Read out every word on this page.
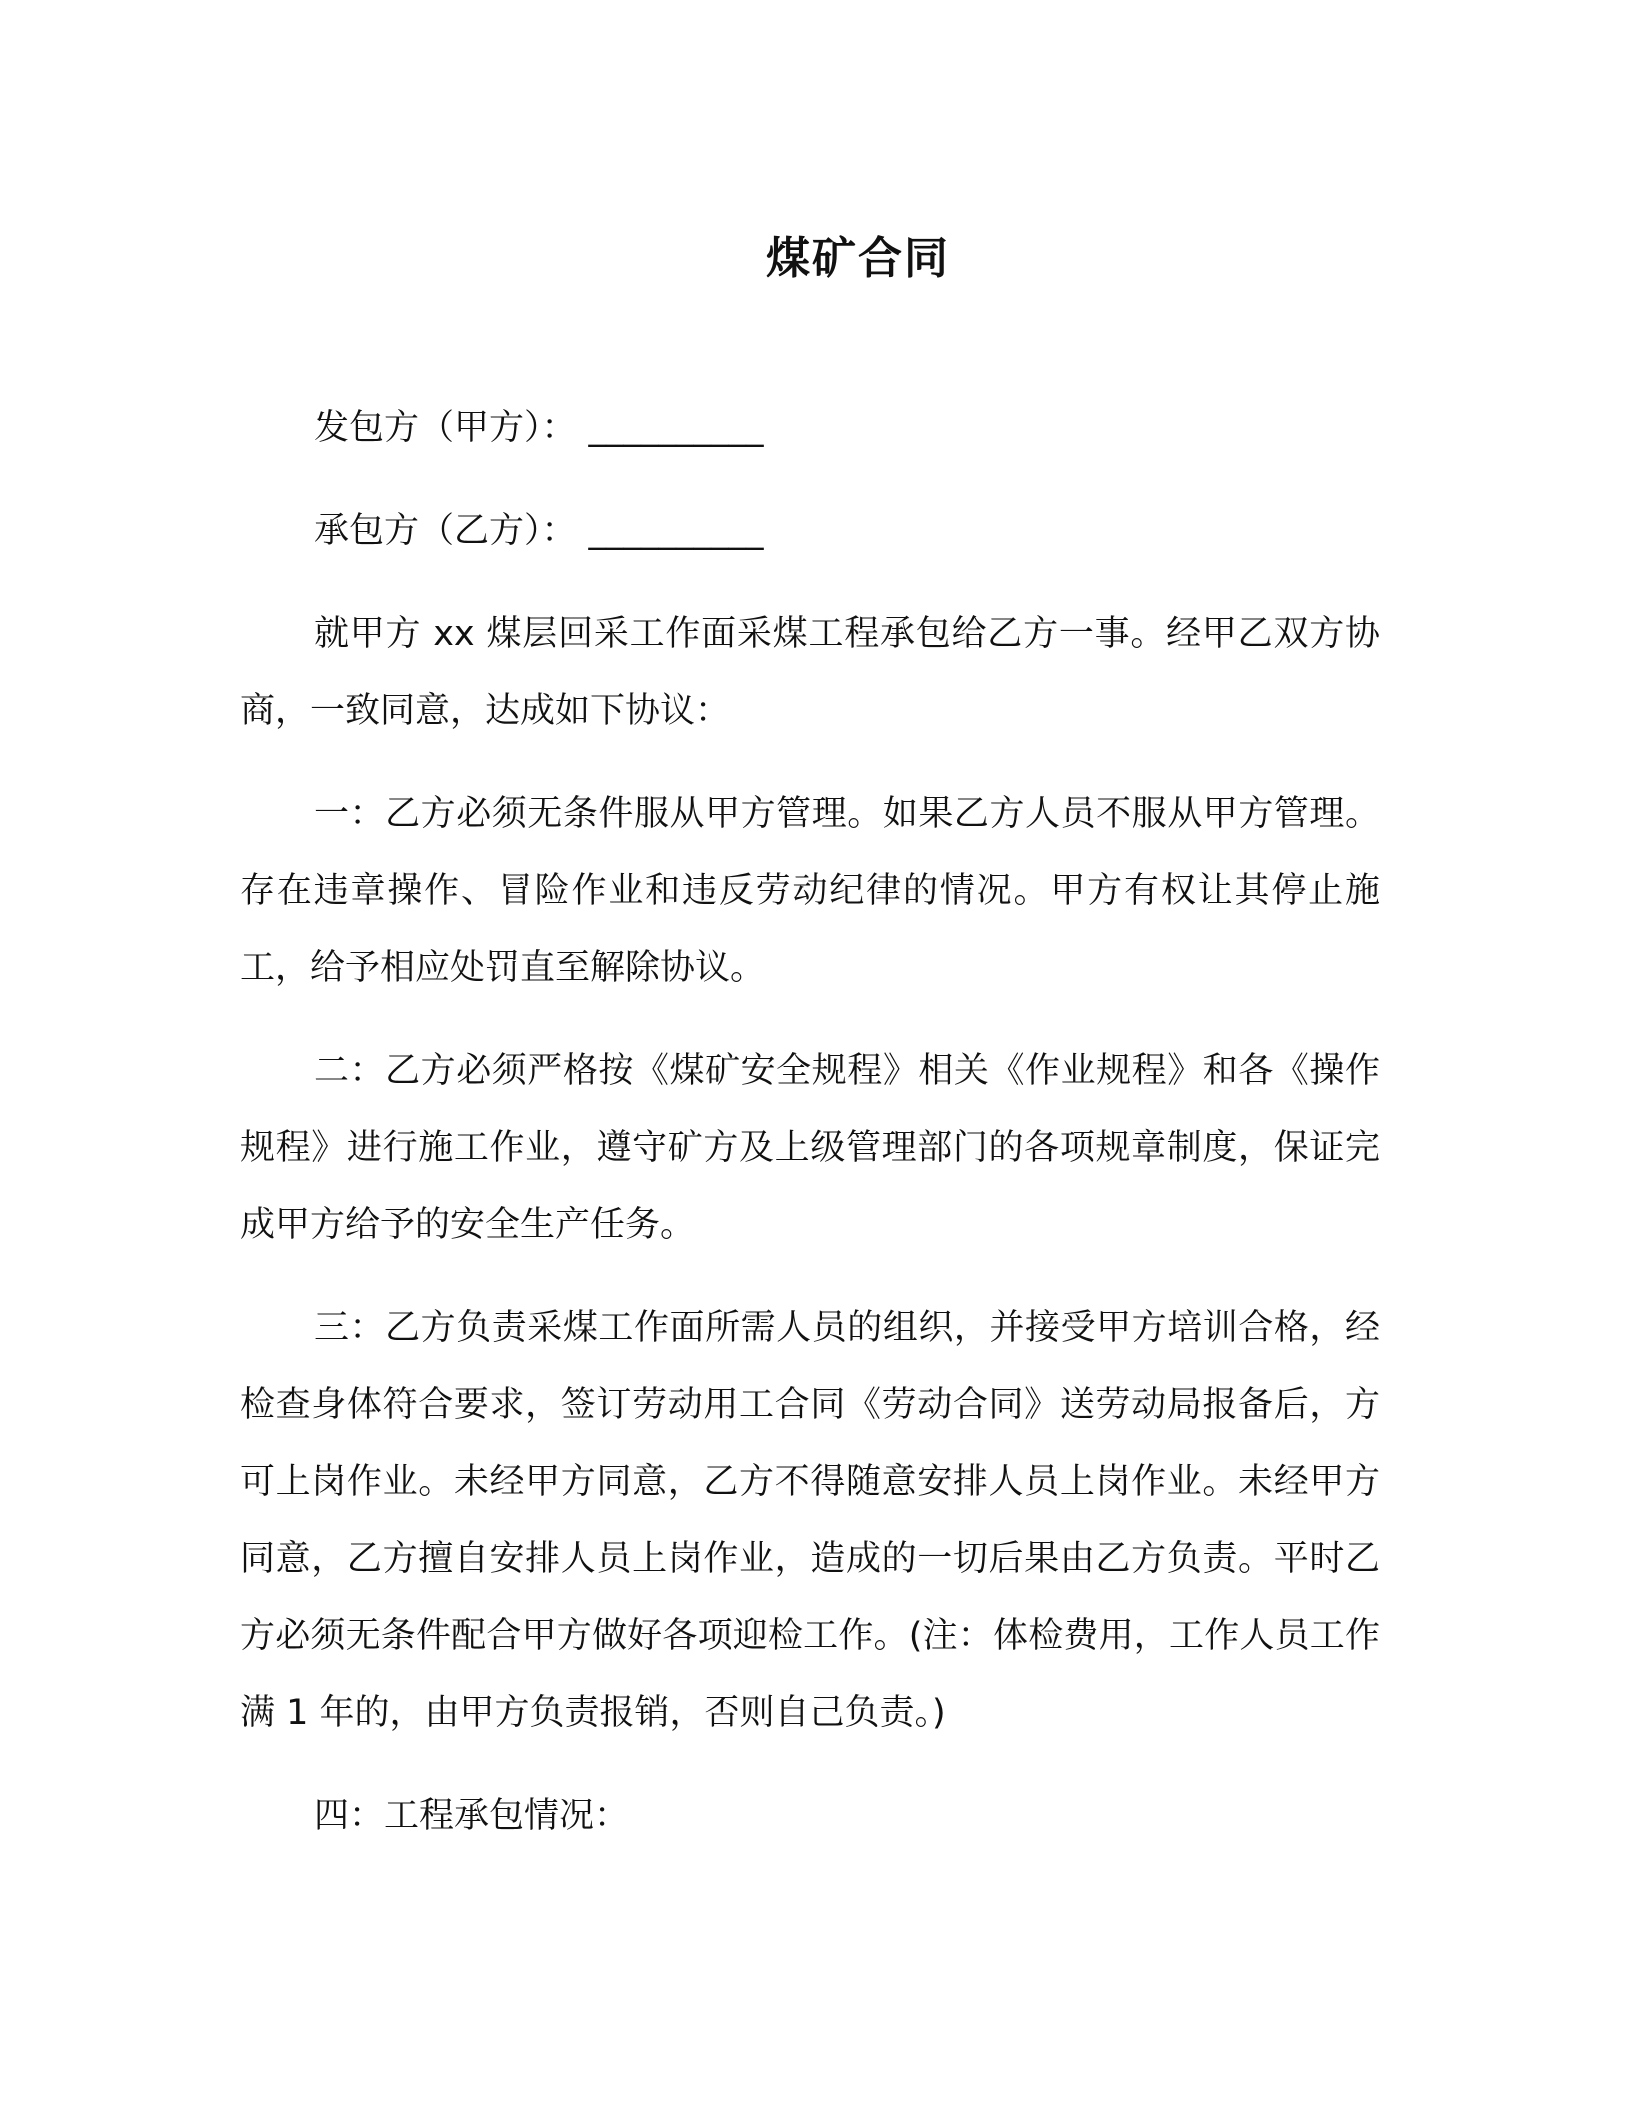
煤矿合同

发包方（甲方）： __________

承包方（乙方）： __________

就甲方 xx 煤层回采工作面采煤工程承包给乙方一事。经甲乙双方协商，一致同意，达成如下协议：

一：乙方必须无条件服从甲方管理。如果乙方人员不服从甲方管理。存在违章操作、冒险作业和违反劳动纪律的情况。甲方有权让其停止施工，给予相应处罚直至解除协议。

二：乙方必须严格按《煤矿安全规程》相关《作业规程》和各《操作规程》进行施工作业，遵守矿方及上级管理部门的各项规章制度，保证完成甲方给予的安全生产任务。

三：乙方负责采煤工作面所需人员的组织，并接受甲方培训合格，经检查身体符合要求，签订劳动用工合同《劳动合同》送劳动局报备后，方可上岗作业。未经甲方同意，乙方不得随意安排人员上岗作业。未经甲方同意，乙方擅自安排人员上岗作业，造成的一切后果由乙方负责。平时乙方必须无条件配合甲方做好各项迎检工作。(注：体检费用，工作人员工作满 1 年的，由甲方负责报销，否则自己负责。)

四：工程承包情况：
